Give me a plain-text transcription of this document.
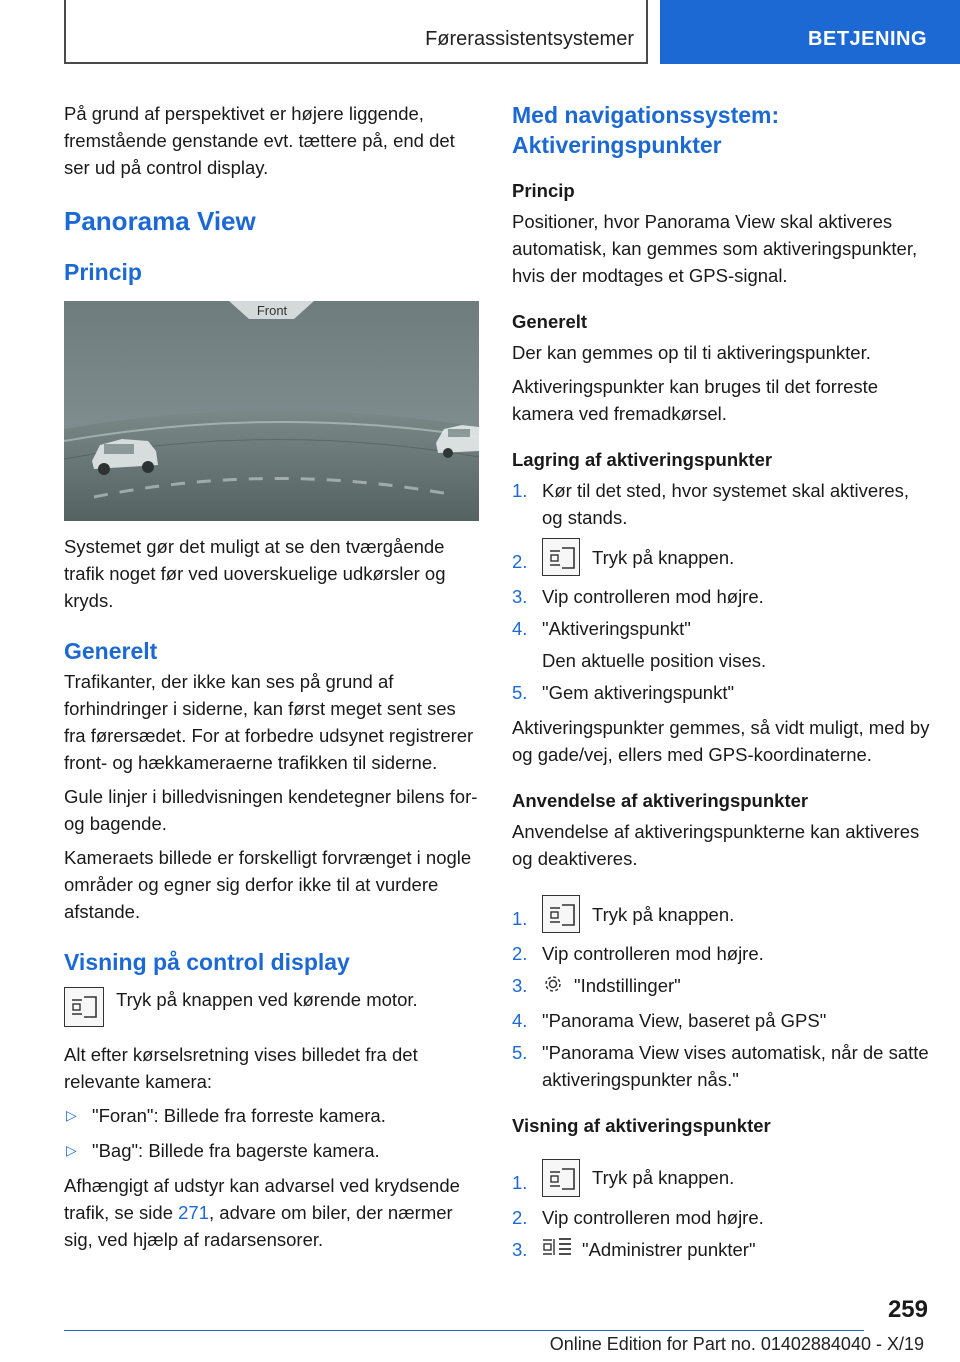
Førerassistentsystemer	BETJENING

På grund af perspektivet er højere liggende, fremstående genstande evt. tættere på, end det ser ud på control display.

Panorama View
Princip
Front

Systemet gør det muligt at se den tværgående trafik noget før ved uoverskuelige udkørsler og kryds.

Generelt

Trafikanter, der ikke kan ses på grund af forhindringer i siderne, kan først meget sent ses fra førersædet. For at forbedre udsynet registrerer front- og hækkameraerne trafikken til siderne.

Gule linjer i billedvisningen kendetegner bilens for- og bagende.

Kameraets billede er forskelligt forvrænget i nogle områder og egner sig derfor ikke til at vurdere afstande.

Visning på control display
Tryk på knappen ved kørende motor.

Alt efter kørselsretning vises billedet fra det relevante kamera:

▷ "Foran": Billede fra forreste kamera.
▷ "Bag": Billede fra bagerste kamera.

Afhængigt af udstyr kan advarsel ved krydsende trafik, se side 271, advare om biler, der nærmer sig, ved hjælp af radarsensorer.

Med navigationssystem: Aktiveringspunkter
Princip

Positioner, hvor Panorama View skal aktiveres automatisk, kan gemmes som aktiveringspunkter, hvis der modtages et GPS-signal.

Generelt

Der kan gemmes op til ti aktiveringspunkter.

Aktiveringspunkter kan bruges til det forreste kamera ved fremadkørsel.

Lagring af aktiveringspunkter
1. Kør til det sted, hvor systemet skal aktiveres, og stands.
2.	Tryk på knappen.
3. Vip controlleren mod højre.
4. "Aktiveringspunkt"
Den aktuelle position vises.
5. "Gem aktiveringspunkt"

Aktiveringspunkter gemmes, så vidt muligt, med by og gade/vej, ellers med GPS-koordinaterne.

Anvendelse af aktiveringspunkter

Anvendelse af aktiveringspunkterne kan aktiveres og deaktiveres.

1.	Tryk på knappen.
2. Vip controlleren mod højre.
3.	"Indstillinger"
4. "Panorama View, baseret på GPS"
5. "Panorama View vises automatisk, når de satte aktiveringspunkter nås."
Visning af aktiveringspunkter
1.	Tryk på knappen.
2. Vip controlleren mod højre.
3.	"Administrer punkter"
259
Online Edition for Part no. 01402884040 - X/19
